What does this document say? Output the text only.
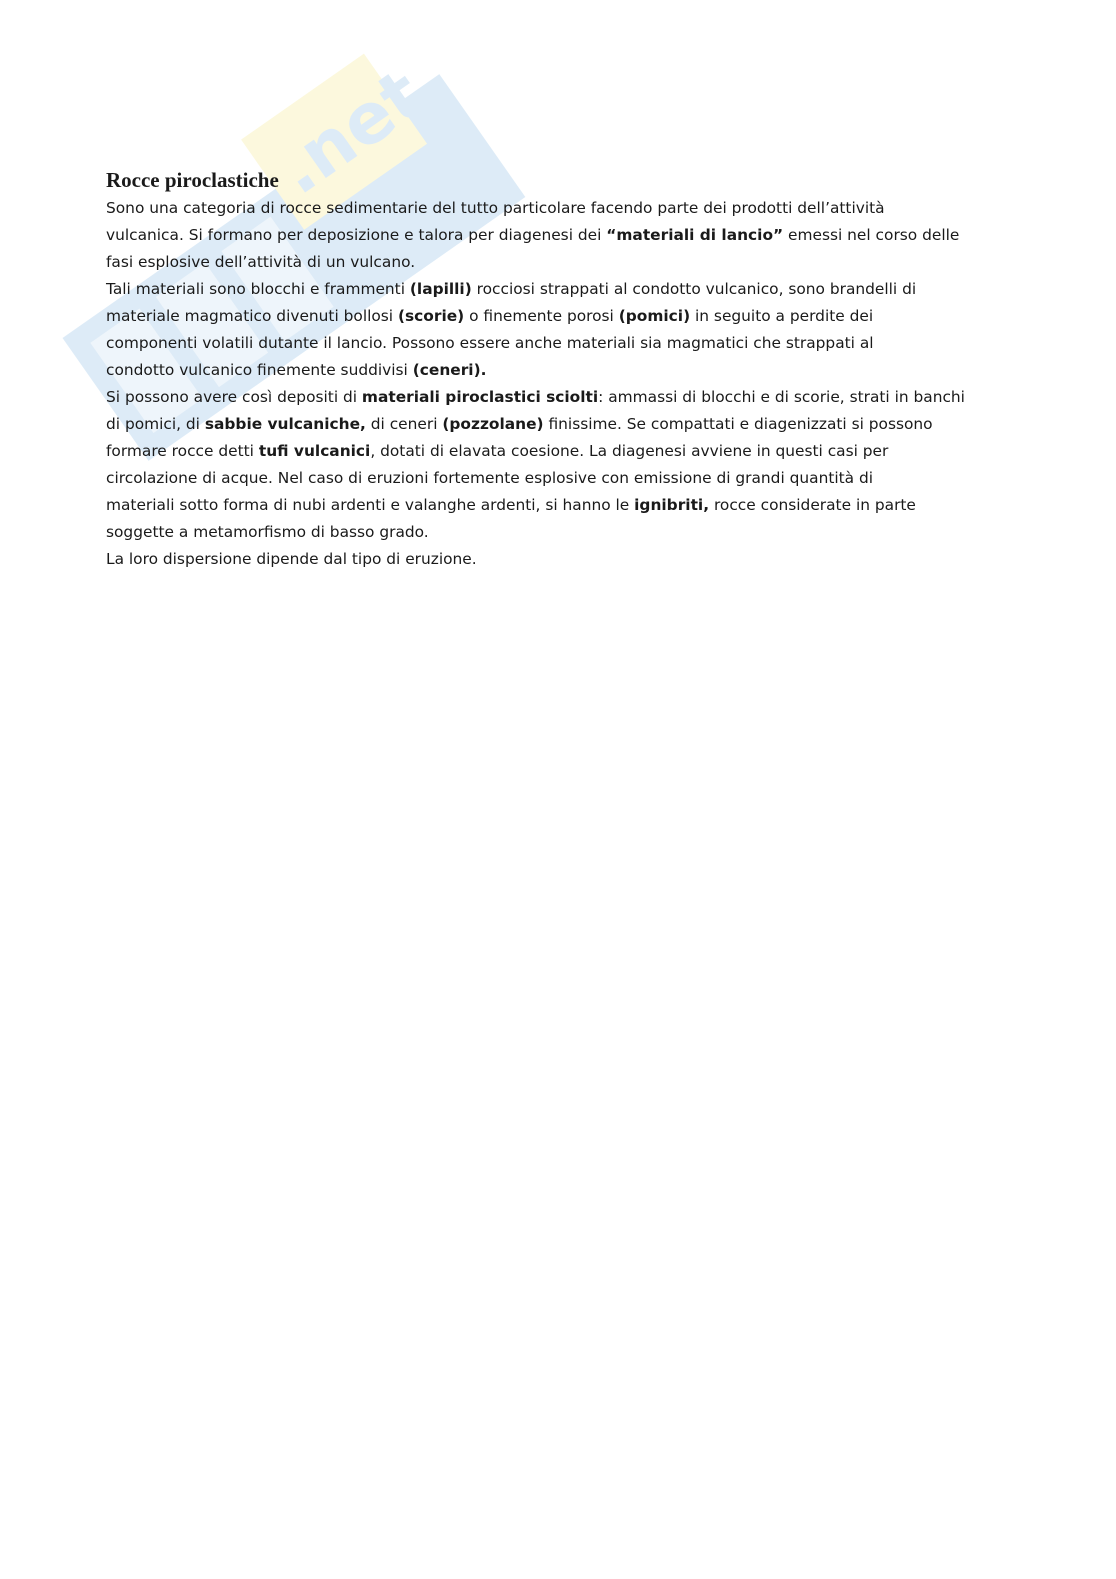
.net
Rocce piroclastiche
Sono una categoria di rocce sedimentarie del tutto particolare facendo parte dei prodotti dell’attività
vulcanica. Si formano per deposizione e talora per diagenesi dei “materiali di lancio” emessi nel corso delle
fasi esplosive dell’attività di un vulcano.
Tali materiali sono blocchi e frammenti (lapilli) rocciosi strappati al condotto vulcanico, sono brandelli di
materiale magmatico divenuti bollosi (scorie) o finemente porosi (pomici) in seguito a perdite dei
componenti volatili dutante il lancio. Possono essere anche materiali sia magmatici che strappati al
condotto vulcanico finemente suddivisi (ceneri).
Si possono avere così depositi di materiali piroclastici sciolti: ammassi di blocchi e di scorie, strati in banchi
di pomici, di sabbie vulcaniche, di ceneri (pozzolane) finissime. Se compattati e diagenizzati si possono
formare rocce detti tufi vulcanici, dotati di elavata coesione. La diagenesi avviene in questi casi per
circolazione di acque. Nel caso di eruzioni fortemente esplosive con emissione di grandi quantità di
materiali sotto forma di nubi ardenti e valanghe ardenti, si hanno le ignibriti, rocce considerate in parte
soggette a metamorfismo di basso grado.
La loro dispersione dipende dal tipo di eruzione.
